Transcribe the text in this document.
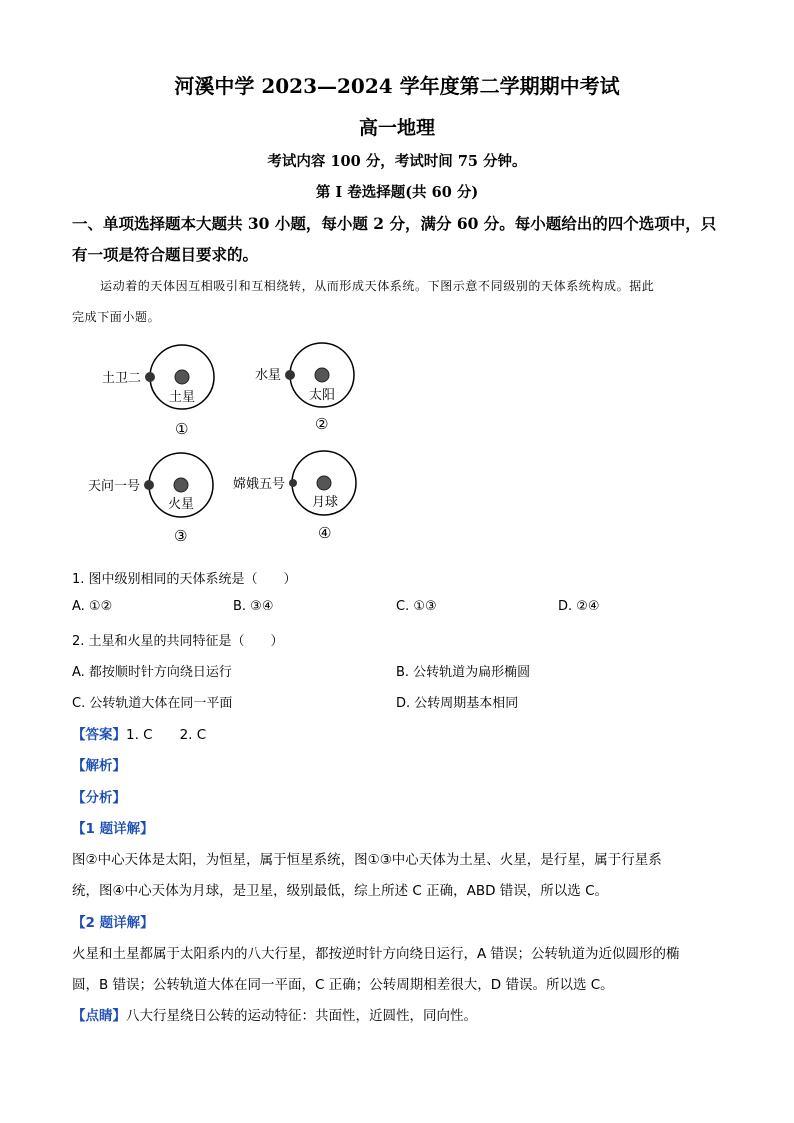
河溪中学 2023—2024 学年度第二学期期中考试
高一地理
考试内容 100 分，考试时间 75 分钟。
第 I 卷选择题(共 60 分)
一、单项选择题本大题共 30 小题，每小题 2 分，满分 60 分。每小题给出的四个选项中，只
有一项是符合题目要求的。
运动着的天体因互相吸引和互相绕转，从而形成天体系统。下图示意不同级别的天体系统构成。据此
完成下面小题。
土卫二
土星
①
水星
太阳
②
天问一号
火星
③
嫦娥五号
月球
④
1. 图中级别相同的天体系统是（　　）
A. ①②	B. ③④	C. ①③	D. ②④
2. 土星和火星的共同特征是（　　）
A. 都按顺时针方向绕日运行	B. 公转轨道为扁形椭圆
C. 公转轨道大体在同一平面	D. 公转周期基本相同
【答案】1. C　　2. C
【解析】
【分析】
【1 题详解】
图②中心天体是太阳，为恒星，属于恒星系统，图①③中心天体为土星、火星，是行星，属于行星系
统，图④中心天体为月球，是卫星，级别最低，综上所述 C 正确，ABD 错误，所以选 C。
【2 题详解】
火星和土星都属于太阳系内的八大行星，都按逆时针方向绕日运行，A 错误；公转轨道为近似圆形的椭
圆，B 错误；公转轨道大体在同一平面，C 正确；公转周期相差很大，D 错误。所以选 C。
【点睛】八大行星绕日公转的运动特征：共面性，近圆性，同向性。
